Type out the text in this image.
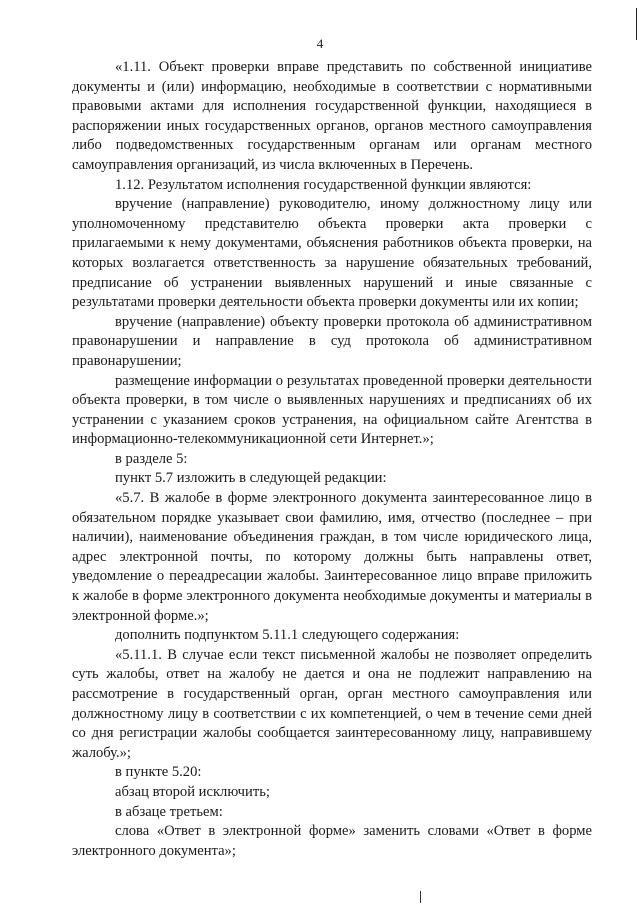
4

«1.11. Объект проверки вправе представить по собственной инициативе документы и (или) информацию, необходимые в соответствии с нормативными правовыми актами для исполнения государственной функции, находящиеся в распоряжении иных государственных органов, органов местного самоуправления либо подведомственных государственным органам или органам местного самоуправления организаций, из числа включенных в Перечень.

1.12. Результатом исполнения государственной функции являются:

вручение (направление) руководителю, иному должностному лицу или уполномоченному представителю объекта проверки акта проверки с прилагаемыми к нему документами, объяснения работников объекта проверки, на которых возлагается ответственность за нарушение обязательных требований, предписание об устранении выявленных нарушений и иные связанные с результатами проверки деятельности объекта проверки документы или их копии;

вручение (направление) объекту проверки протокола об административном правонарушении и направление в суд протокола об административном правонарушении;

размещение информации о результатах проведенной проверки деятельности объекта проверки, в том числе о выявленных нарушениях и предписаниях об их устранении с указанием сроков устранения, на официальном сайте Агентства в информационно-телекоммуникационной сети Интернет.»;

в разделе 5:

пункт 5.7 изложить в следующей редакции:

«5.7. В жалобе в форме электронного документа заинтересованное лицо в обязательном порядке указывает свои фамилию, имя, отчество (последнее – при наличии), наименование объединения граждан, в том числе юридического лица, адрес электронной почты, по которому должны быть направлены ответ, уведомление о переадресации жалобы. Заинтересованное лицо вправе приложить к жалобе в форме электронного документа необходимые документы и материалы в электронной форме.»;

дополнить подпунктом 5.11.1 следующего содержания:

«5.11.1. В случае если текст письменной жалобы не позволяет определить суть жалобы, ответ на жалобу не дается и она не подлежит направлению на рассмотрение в государственный орган, орган местного самоуправления или должностному лицу в соответствии с их компетенцией, о чем в течение семи дней со дня регистрации жалобы сообщается заинтересованному лицу, направившему жалобу.»;

в пункте 5.20:

абзац второй исключить;

в абзаце третьем:

слова «Ответ в электронной форме» заменить словами «Ответ в форме электронного документа»;
